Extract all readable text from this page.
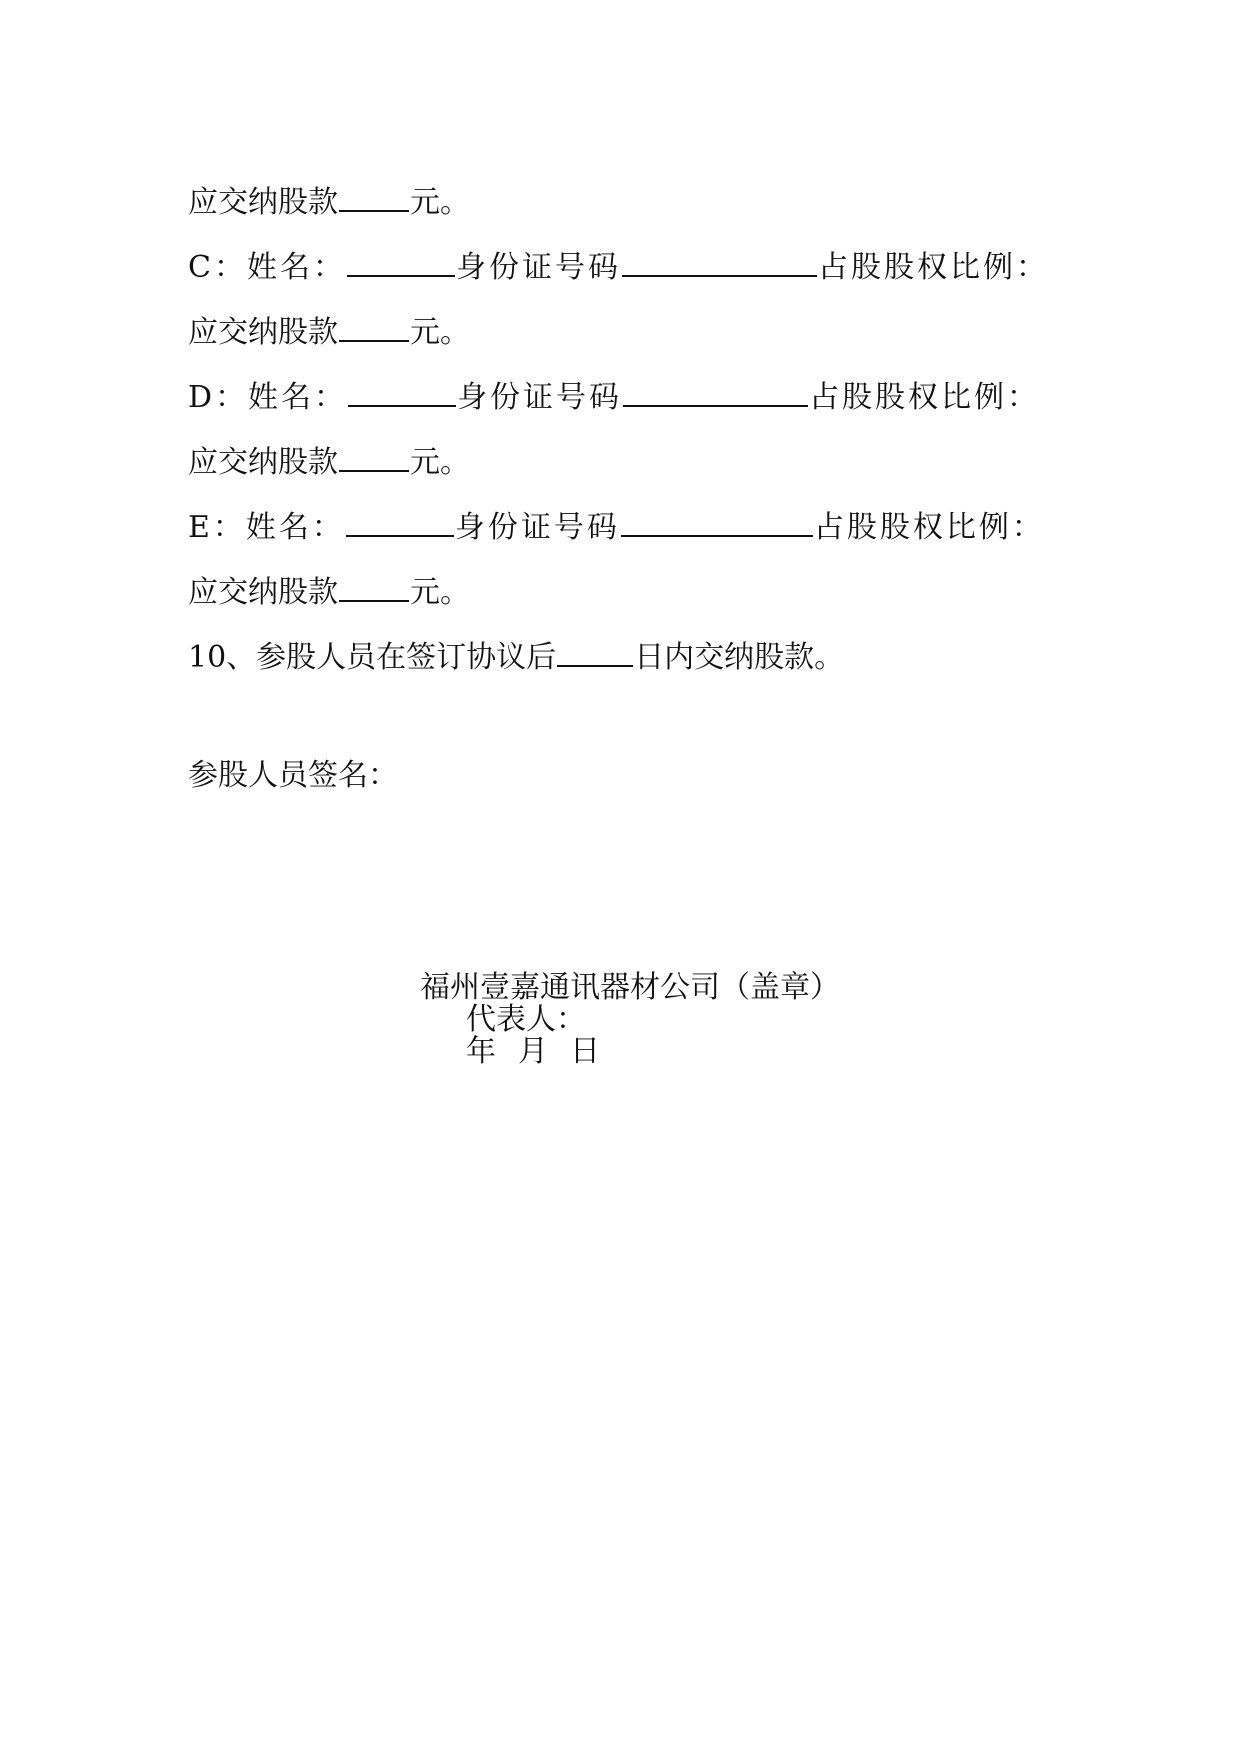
应交纳股款 元。
C：姓名：	身份证号码	占股股权比例：
应交纳股款 元。
D：姓名：	身份证号码	占股股权比例：
应交纳股款 元。
E：姓名：	身份证号码	占股股权比例：
应交纳股款 元。
10、参股人员在签订协议后	日内交纳股款。
参股人员签名：
福州壹嘉通讯器材公司（盖章）
代表人：
年 月 日
